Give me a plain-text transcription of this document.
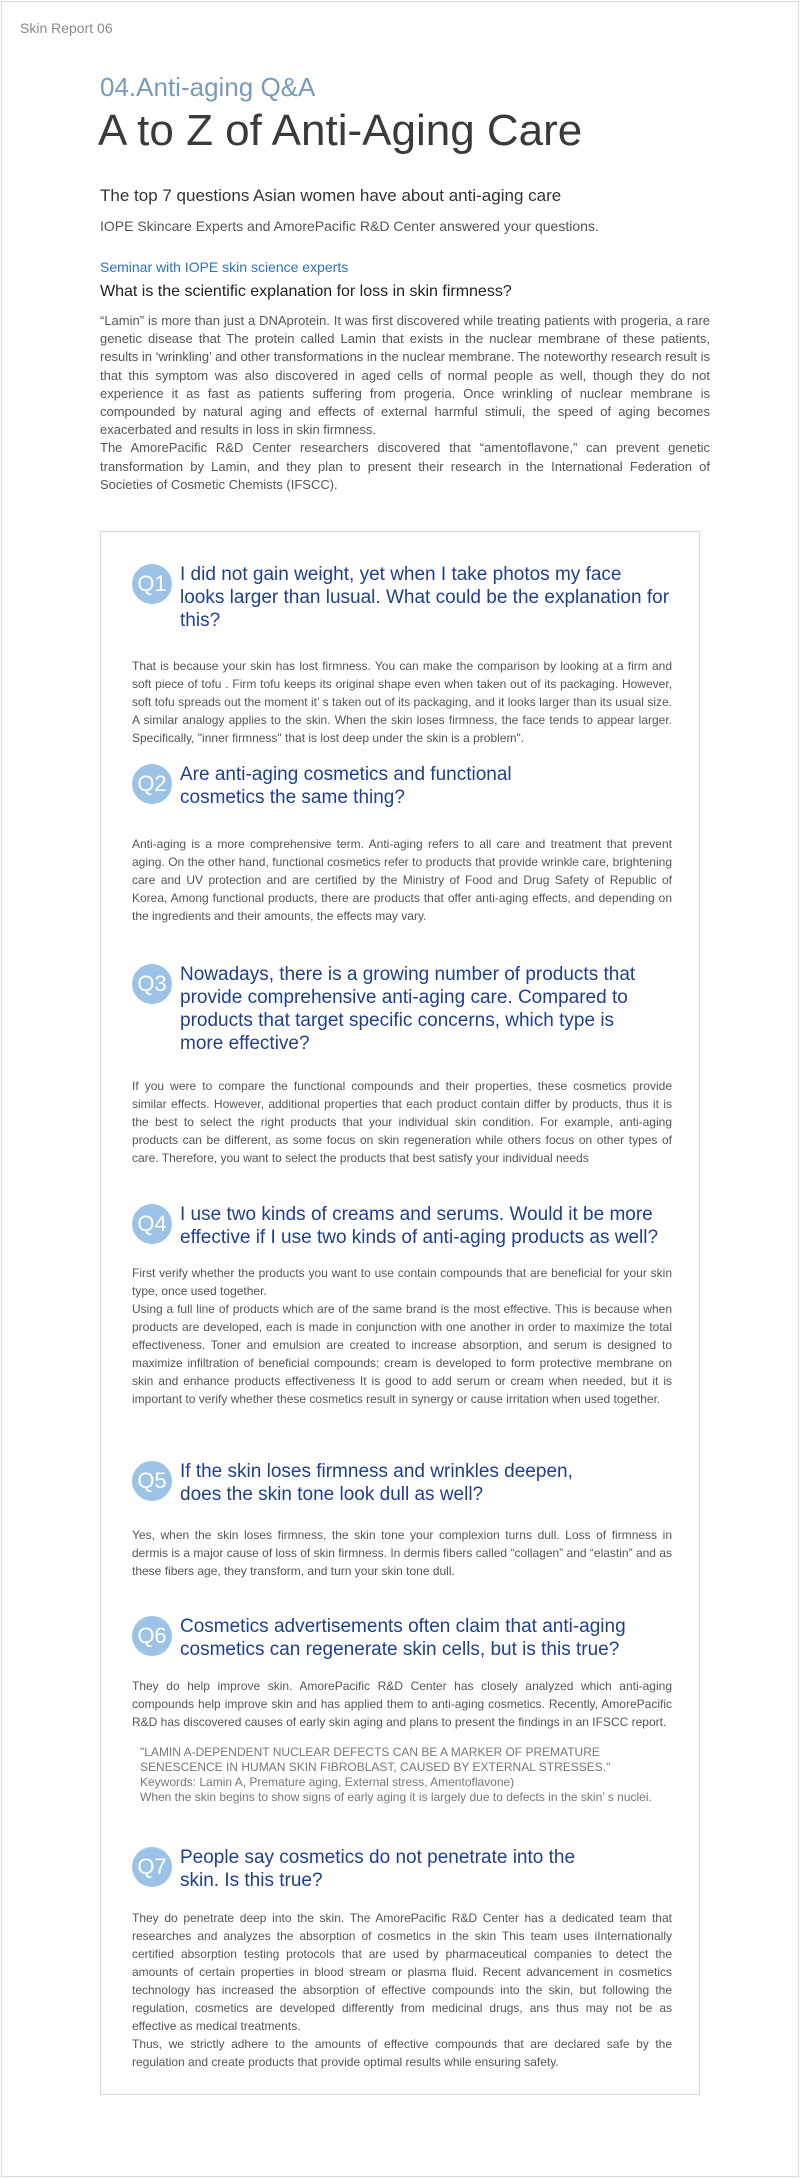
Skin Report 06
04.Anti-aging Q&A
A to Z of Anti-Aging Care
The top 7 questions Asian women have about anti-aging care
IOPE Skincare Experts and AmorePacific R&D Center answered your questions.
Seminar with IOPE skin science experts
What is the scientific explanation for loss in skin firmness?

“Lamin” is more than just a DNAprotein. It was first discovered while treating patients with progeria, a rare genetic disease that The protein called Lamin that exists in the nuclear membrane of these patients, results in ‘wrinkling’ and other transformations in the nuclear membrane. The noteworthy research result is that this symptom was also discovered in aged cells of normal people as well, though they do not experience it as fast as patients suffering from progeria. Once wrinkling of nuclear membrane is compounded by natural aging and effects of external harmful stimuli, the speed of aging becomes exacerbated and results in loss in skin firmness.

The AmorePacific R&D Center researchers discovered that “amentoflavone,” can prevent genetic transformation by Lamin, and they plan to present their research in the International Federation of Societies of Cosmetic Chemists (IFSCC).

Q1 I did not gain weight, yet when I take photos my face looks larger than lusual. What could be the explanation for this?

That is because your skin has lost firmness. You can make the comparison by looking at a firm and soft piece of tofu . Firm tofu keeps its original shape even when taken out of its packaging. However, soft tofu spreads out the moment it’ s taken out of its packaging, and it looks larger than its usual size. A similar analogy applies to the skin. When the skin loses firmness, the face tends to appear larger. Specifically, "inner firmness" that is lost deep under the skin is a problem".

Q2 Are anti-aging cosmetics and functional cosmetics the same thing?

Anti-aging is a more comprehensive term. Anti-aging refers to all care and treatment that prevent aging. On the other hand, functional cosmetics refer to products that provide wrinkle care, brightening care and UV protection and are certified by the Ministry of Food and Drug Safety of Republic of Korea, Among functional products, there are products that offer anti-aging effects, and depending on the ingredients and their amounts, the effects may vary.

Q3 Nowadays, there is a growing number of products that provide comprehensive anti-aging care. Compared to products that target specific concerns, which type is more effective?

If you were to compare the functional compounds and their properties, these cosmetics provide similar effects. However, additional properties that each product contain differ by products, thus it is the best to select the right products that your individual skin condition. For example, anti-aging products can be different, as some focus on skin regeneration while others focus on other types of care. Therefore, you want to select the products that best satisfy your individual needs

Q4 I use two kinds of creams and serums. Would it be more effective if I use two kinds of anti-aging products as well?

First verify whether the products you want to use contain compounds that are beneficial for your skin type, once used together.

Using a full line of products which are of the same brand is the most effective. This is because when products are developed, each is made in conjunction with one another in order to maximize the total effectiveness. Toner and emulsion are created to increase absorption, and serum is designed to maximize infiltration of beneficial compounds; cream is developed to form protective membrane on skin and enhance products effectiveness It is good to add serum or cream when needed, but it is important to verify whether these cosmetics result in synergy or cause irritation when used together.

Q5 If the skin loses firmness and wrinkles deepen, does the skin tone look dull as well?

Yes, when the skin loses firmness, the skin tone your complexion turns dull. Loss of firmness in dermis is a major cause of loss of skin firmness. In dermis fibers called “collagen” and “elastin” and as these fibers age, they transform, and turn your skin tone dull.

Q6 Cosmetics advertisements often claim that anti-aging cosmetics can regenerate skin cells, but is this true?

They do help improve skin. AmorePacific R&D Center has closely analyzed which anti-aging compounds help improve skin and has applied them to anti-aging cosmetics. Recently, AmorePacific R&D has discovered causes of early skin aging and plans to present the findings in an IFSCC report.

"LAMIN A-DEPENDENT NUCLEAR DEFECTS CAN BE A MARKER OF PREMATURE SENESCENCE IN HUMAN SKIN FIBROBLAST, CAUSED BY EXTERNAL STRESSES."

Keywords: Lamin A, Premature aging, External stress, Amentoflavone)

When the skin begins to show signs of early aging it is largely due to defects in the skin’ s nuclei.

Q7 People say cosmetics do not penetrate into the skin. Is this true?

They do penetrate deep into the skin. The AmorePacific R&D Center has a dedicated team that researches and analyzes the absorption of cosmetics in the skin This team uses iInternationally certified absorption testing protocols that are used by pharmaceutical companies to detect the amounts of certain properties in blood stream or plasma fluid. Recent advancement in cosmetics technology has increased the absorption of effective compounds into the skin, but following the regulation, cosmetics are developed differently from medicinal drugs, ans thus may not be as effective as medical treatments.

Thus, we strictly adhere to the amounts of effective compounds that are declared safe by the regulation and create products that provide optimal results while ensuring safety.
